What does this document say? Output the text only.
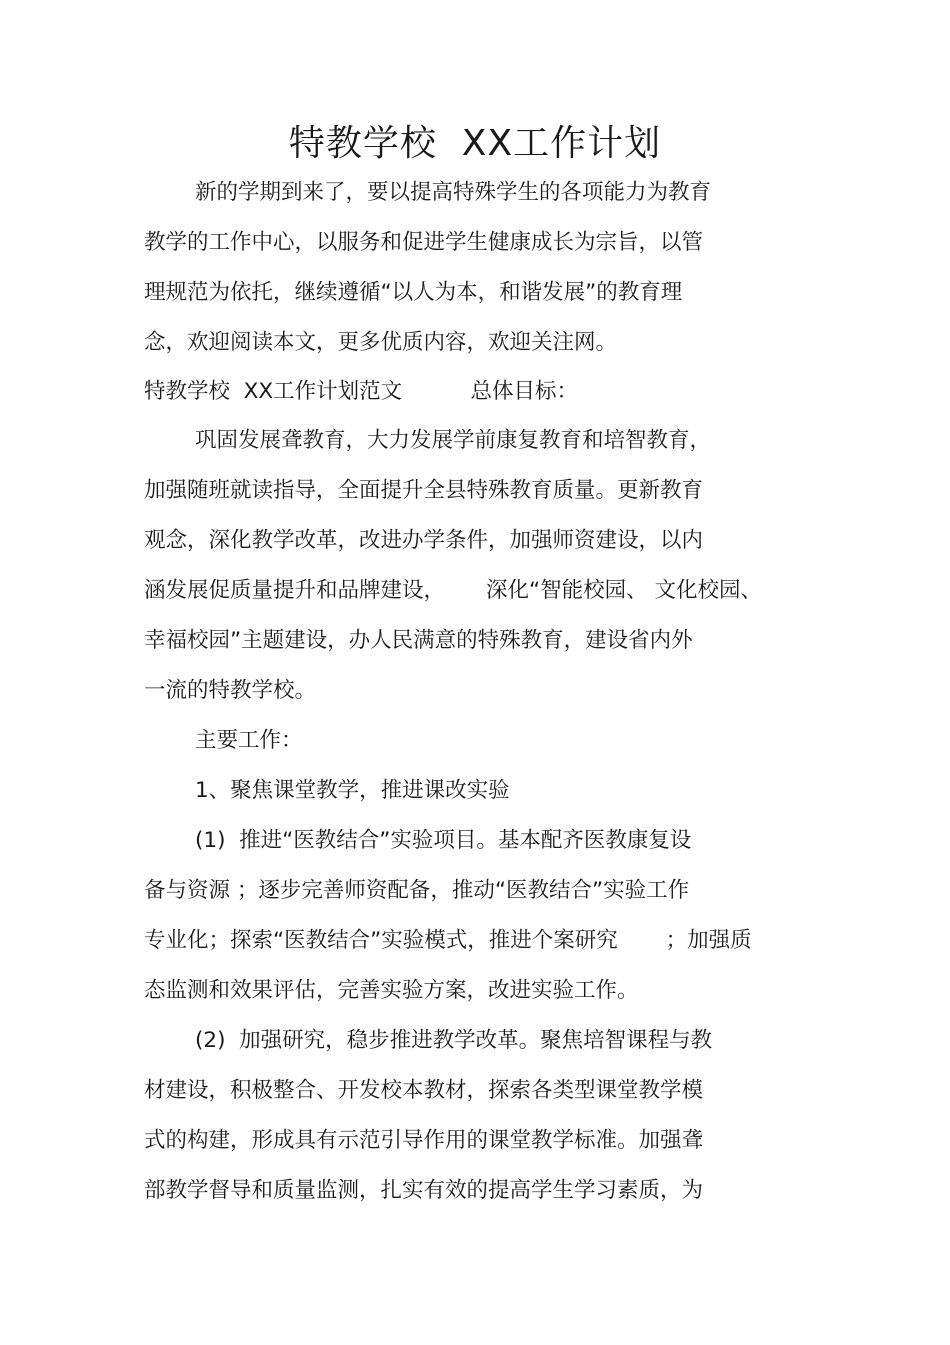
特教学校  XX工作计划
新的学期到来了，要以提高特殊学生的各项能力为教育
教学的工作中心，以服务和促进学生健康成长为宗旨，以管
理规范为依托，继续遵循“以人为本，和谐发展”的教育理
念，欢迎阅读本文，更多优质内容，欢迎关注网。
特教学校  XX工作计划范文          总体目标：
巩固发展聋教育，大力发展学前康复教育和培智教育，
加强随班就读指导，全面提升全县特殊教育质量。更新教育
观念，深化教学改革，改进办学条件，加强师资建设，以内
涵发展促质量提升和品牌建设，      深化“智能校园、 文化校园、
幸福校园”主题建设，办人民满意的特殊教育，建设省内外
一流的特教学校。
主要工作：
1、聚焦课堂教学，推进课改实验
(1)  推进“医教结合”实验项目。基本配齐医教康复设
备与资源 ；逐步完善师资配备，推动“医教结合”实验工作
专业化；探索“医教结合”实验模式，推进个案研究       ；加强质
态监测和效果评估，完善实验方案，改进实验工作。
(2)  加强研究，稳步推进教学改革。聚焦培智课程与教
材建设，积极整合、开发校本教材，探索各类型课堂教学模
式的构建，形成具有示范引导作用的课堂教学标准。加强聋
部教学督导和质量监测，扎实有效的提高学生学习素质，为
